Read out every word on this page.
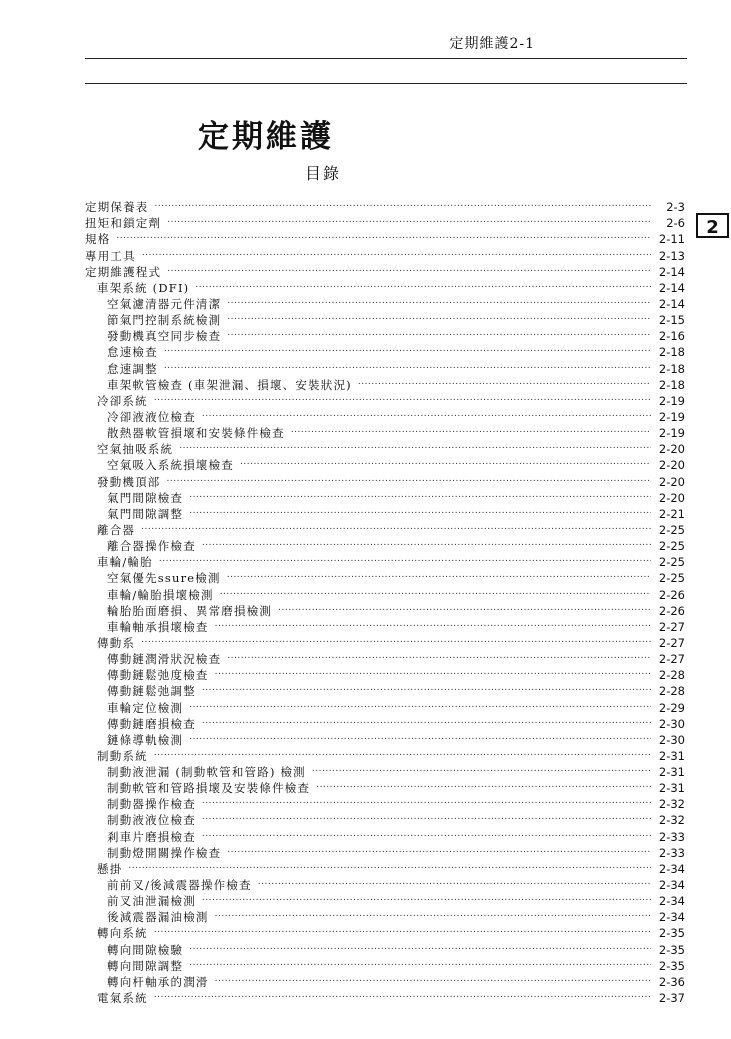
定期維護2-1
定期維護
目錄
2
定期保養表 .....	2-3
扭矩和鎖定劑 .....	2-6
規格 .....	2-11
專用工具 .....	2-13
定期維護程式 .....	2-14
車架系統 (DFI) .....	2-14
空氣濾清器元件清潔 .....	2-14
節氣門控制系統檢測 .....	2-15
發動機真空同步檢查 .....	2-16
怠速檢查 .....	2-18
怠速調整 .....	2-18
車架軟管檢查 (車架泄漏、損壞、安裝狀況) .....	2-18
冷卻系統 .....	2-19
冷卻液液位檢查 .....	2-19
散熱器軟管損壞和安裝條件檢查 .....	2-19
空氣抽吸系統 .....	2-20
空氣吸入系統損壞檢查 .....	2-20
發動機頂部 .....	2-20
氣門間隙檢查 .....	2-20
氣門間隙調整 .....	2-21
離合器 .....	2-25
離合器操作檢查 .....	2-25
車輪/輪胎 .....	2-25
空氣優先ssure檢測 .....	2-25
車輪/輪胎損壞檢測 .....	2-26
輪胎胎面磨損、異常磨損檢測 .....	2-26
車輪軸承損壞檢查 .....	2-27
傳動系 .....	2-27
傳動鏈潤滑狀況檢查 .....	2-27
傳動鏈鬆弛度檢查 .....	2-28
傳動鏈鬆弛調整 .....	2-28
車輪定位檢測 .....	2-29
傳動鏈磨損檢查 .....	2-30
鏈條導軌檢測 .....	2-30
制動系統 .....	2-31
制動液泄漏 (制動軟管和管路) 檢測 .....	2-31
制動軟管和管路損壞及安裝條件檢查 .....	2-31
制動器操作檢查 .....	2-32
制動液液位檢查 .....	2-32
剎車片磨損檢查 .....	2-33
制動燈開關操作檢查 .....	2-33
懸掛 .....	2-34
前前叉/後減震器操作檢查 .....	2-34
前叉油泄漏檢測 .....	2-34
後減震器漏油檢測 .....	2-34
轉向系統 .....	2-35
轉向間隙檢驗 .....	2-35
轉向間隙調整 .....	2-35
轉向杆軸承的潤滑 .....	2-36
電氣系統 .....	2-37
